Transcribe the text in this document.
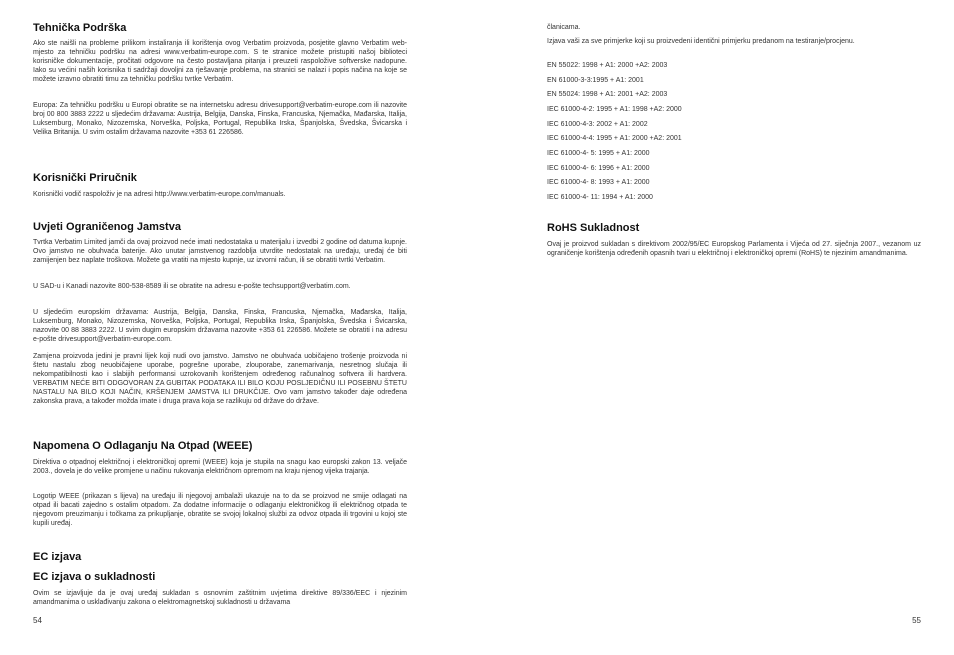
Tehnička Podrška

Ako ste naišli na probleme prilikom instaliranja ili korištenja ovog Verbatim proizvoda, posjetite glavno Verbatim web-mjesto za tehničku podršku na adresi www.verbatim-europe.com. S te stranice možete pristupiti našoj biblioteci korisničke dokumentacije, pročitati odgovore na često postavljana pitanja i preuzeti raspoložive softverske nadopune. Iako su većini naših korisnika ti sadržaji dovoljni za rješavanje problema, na stranici se nalazi i popis načina na koje se možete izravno obratiti timu za tehničku podršku tvrtke Verbatim.

Europa: Za tehničku podršku u Europi obratite se na internetsku adresu drivesupport@verbatim-europe.com ili nazovite broj 00 800 3883 2222 u sljedećim državama: Austrija, Belgija, Danska, Finska, Francuska, Njemačka, Mađarska, Italija, Luksemburg, Monako, Nizozemska, Norveška, Poljska, Portugal, Republika Irska, Španjolska, Švedska, Švicarska i Velika Britanija. U svim ostalim državama nazovite +353 61 226586.

Korisnički Priručnik

Korisnički vodič raspoloživ je na adresi http://www.verbatim-europe.com/manuals.

Uvjeti Ograničenog Jamstva

Tvrtka Verbatim Limited jamči da ovaj proizvod neće imati nedostataka u materijalu i izvedbi 2 godine od datuma kupnje. Ovo jamstvo ne obuhvaća baterije. Ako unutar jamstvenog razdoblja utvrdite nedostatak na uređaju, uređaj će biti zamijenjen bez naplate troškova. Možete ga vratiti na mjesto kupnje, uz izvorni račun, ili se obratiti tvrtki Verbatim.

U SAD-u i Kanadi nazovite 800-538-8589 ili se obratite na adresu e-pošte techsupport@verbatim.com.

U sljedećim europskim državama: Austrija, Belgija, Danska, Finska, Francuska, Njemačka, Mađarska, Italija, Luksemburg, Monako, Nizozemska, Norveška, Poljska, Portugal, Republika Irska, Španjolska, Švedska i Švicarska, nazovite 00 88 3883 2222. U svim dugim europskim državama nazovite +353 61 226586. Možete se obratiti i na adresu e-pošte drivesupport@verbatim-europe.com.

Zamjena proizvoda jedini je pravni lijek koji nudi ovo jamstvo. Jamstvo ne obuhvaća uobičajeno trošenje proizvoda ni štetu nastalu zbog neuobičajene uporabe, pogrešne uporabe, zlouporabe, zanemarivanja, nesretnog slučaja ili nekompatibilnosti kao i slabijih performansi uzrokovanih korištenjem određenog računalnog softvera ili hardvera. VERBATIM NEĆE BITI ODGOVORAN ZA GUBITAK PODATAKA ILI BILO KOJU POSLJEDIČNU ILI POSEBNU ŠTETU NASTALU NA BILO KOJI NAČIN, KRŠENJEM JAMSTVA ILI DRUKČIJE. Ovo vam jamstvo također daje određena zakonska prava, a također možda imate i druga prava koja se razlikuju od države do države.

Napomena O Odlaganju Na Otpad (WEEE)

Direktiva o otpadnoj električnoj i elektroničkoj opremi (WEEE) koja je stupila na snagu kao europski zakon 13. veljače 2003., dovela je do velike promjene u načinu rukovanja električnom opremom na kraju njenog vijeka trajanja.

Logotip WEEE (prikazan s lijeva) na uređaju ili njegovoj ambalaži ukazuje na to da se proizvod ne smije odlagati na otpad ili bacati zajedno s ostalim otpadom. Za dodatne informacije o odlaganju elektroničkog ili električnog otpada te njegovom preuzimanju i točkama za prikupljanje, obratite se svojoj lokalnoj službi za odvoz otpada ili trgovini u kojoj ste kupili uređaj.

EC izjava
EC izjava o sukladnosti

Ovim se izjavljuje da je ovaj uređaj sukladan s osnovnim zaštitnim uvjetima direktive 89/336/EEC i njezinim amandmanima o usklađivanju zakona o elektromagnetskoj sukladnosti u državama

54

članicama.

Izjava vaši za sve primjerke koji su proizvedeni identični primjerku predanom na testiranje/procjenu.

EN 55022: 1998 + A1: 2000 +A2: 2003

EN 61000-3-3:1995 + A1: 2001

EN 55024: 1998 + A1: 2001 +A2: 2003

IEC 61000-4-2: 1995 + A1: 1998 +A2: 2000

IEC 61000-4-3: 2002 + A1: 2002

IEC 61000-4-4: 1995 + A1: 2000 +A2: 2001

IEC 61000-4- 5: 1995 + A1: 2000

IEC 61000-4- 6: 1996 + A1: 2000

IEC 61000-4- 8: 1993 + A1: 2000

IEC 61000-4- 11: 1994 + A1: 2000

RoHS Sukladnost

Ovaj je proizvod sukladan s direktivom 2002/95/EC Europskog Parlamenta i Vijeća od 27. siječnja 2007., vezanom uz ograničenje korištenja određenih opasnih tvari u električnoj i elektroničkoj opremi (RoHS) te njezinim amandmanima.

55
